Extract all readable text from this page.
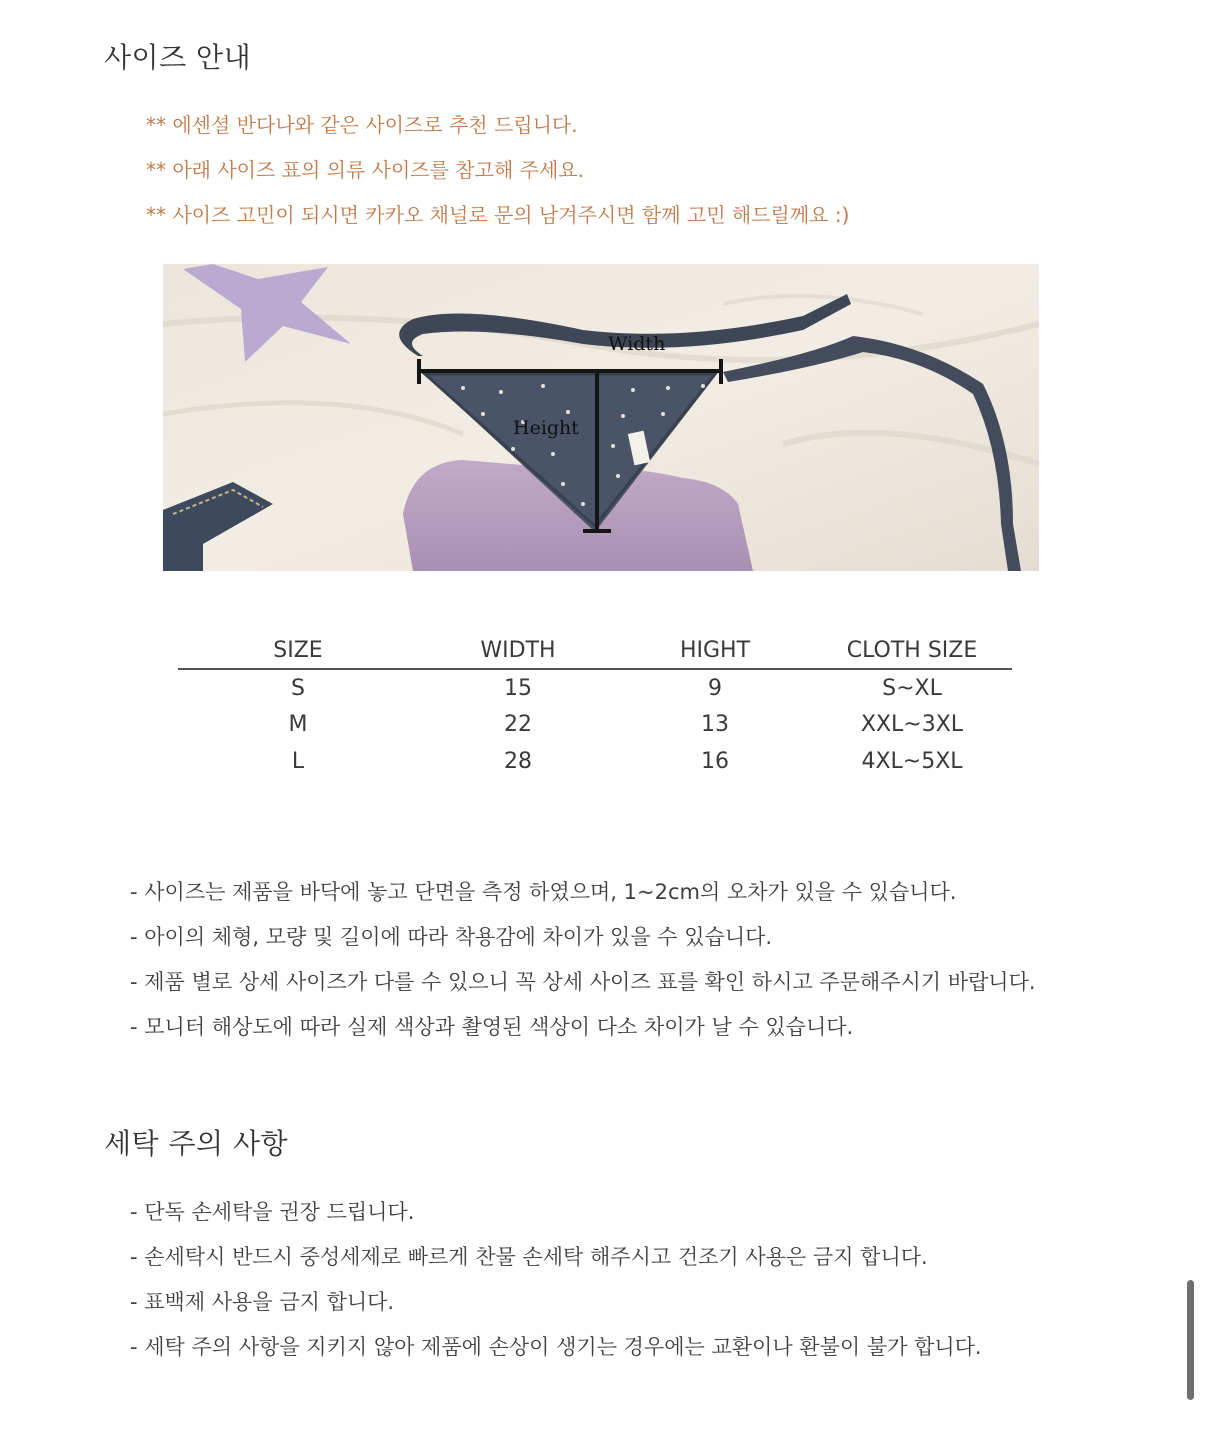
사이즈 안내
** 에센셜 반다나와 같은 사이즈로 추천 드립니다.
** 아래 사이즈 표의 의류 사이즈를 참고해 주세요.
** 사이즈 고민이 되시면 카카오 채널로 문의 남겨주시면 함께 고민 해드릴께요 :)
Width
Height
SIZE	WIDTH	HIGHT	CLOTH SIZE
S	15	9	S~XL
M	22	13	XXL~3XL
L	28	16	4XL~5XL
- 사이즈는 제품을 바닥에 놓고 단면을 측정 하였으며, 1~2cm의 오차가 있을 수 있습니다.
- 아이의 체형, 모량 및 길이에 따라 착용감에 차이가 있을 수 있습니다.
- 제품 별로 상세 사이즈가 다를 수 있으니 꼭 상세 사이즈 표를 확인 하시고 주문해주시기 바랍니다.
- 모니터 해상도에 따라 실제 색상과 촬영된 색상이 다소 차이가 날 수 있습니다.
세탁 주의 사항
- 단독 손세탁을 권장 드립니다.
- 손세탁시 반드시 중성세제로 빠르게 찬물 손세탁 해주시고 건조기 사용은 금지 합니다.
- 표백제 사용을 금지 합니다.
- 세탁 주의 사항을 지키지 않아 제품에 손상이 생기는 경우에는 교환이나 환불이 불가 합니다.
